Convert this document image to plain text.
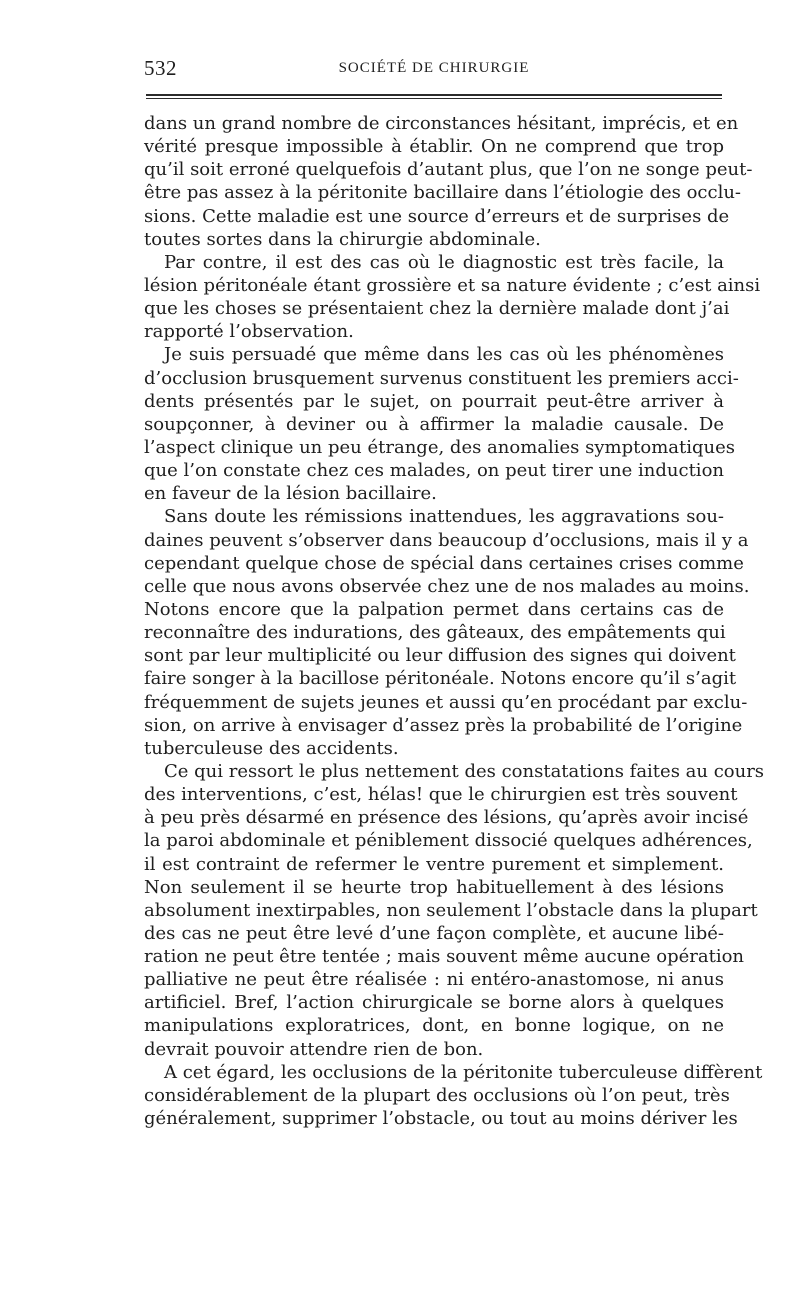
532	SOCIÉTÉ DE CHIRURGIE
dans un grand nombre de circonstances hésitant, imprécis, et en
vérité presque impossible à établir. On ne comprend que trop
qu’il soit erroné quelquefois d’autant plus, que l’on ne songe peut-
être pas assez à la péritonite bacillaire dans l’étiologie des occlu-
sions. Cette maladie est une source d’erreurs et de surprises de
toutes sortes dans la chirurgie abdominale.
Par contre, il est des cas où le diagnostic est très facile, la
lésion péritonéale étant grossière et sa nature évidente ; c’est ainsi
que les choses se présentaient chez la dernière malade dont j’ai
rapporté l’observation.
Je suis persuadé que même dans les cas où les phénomènes
d’occlusion brusquement survenus constituent les premiers acci-
dents présentés par le sujet, on pourrait peut-être arriver à
soupçonner, à deviner ou à affirmer la maladie causale. De
l’aspect clinique un peu étrange, des anomalies symptomatiques
que l’on constate chez ces malades, on peut tirer une induction
en faveur de la lésion bacillaire.
Sans doute les rémissions inattendues, les aggravations sou-
daines peuvent s’observer dans beaucoup d’occlusions, mais il y a
cependant quelque chose de spécial dans certaines crises comme
celle que nous avons observée chez une de nos malades au moins.
Notons encore que la palpation permet dans certains cas de
reconnaître des indurations, des gâteaux, des empâtements qui
sont par leur multiplicité ou leur diffusion des signes qui doivent
faire songer à la bacillose péritonéale. Notons encore qu’il s’agit
fréquemment de sujets jeunes et aussi qu’en procédant par exclu-
sion, on arrive à envisager d’assez près la probabilité de l’origine
tuberculeuse des accidents.
Ce qui ressort le plus nettement des constatations faites au cours
des interventions, c’est, hélas! que le chirurgien est très souvent
à peu près désarmé en présence des lésions, qu’après avoir incisé
la paroi abdominale et péniblement dissocié quelques adhérences,
il est contraint de refermer le ventre purement et simplement.
Non seulement il se heurte trop habituellement à des lésions
absolument inextirpables, non seulement l’obstacle dans la plupart
des cas ne peut être levé d’une façon complète, et aucune libé-
ration ne peut être tentée ; mais souvent même aucune opération
palliative ne peut être réalisée : ni entéro-anastomose, ni anus
artificiel. Bref, l’action chirurgicale se borne alors à quelques
manipulations exploratrices, dont, en bonne logique, on ne
devrait pouvoir attendre rien de bon.
A cet égard, les occlusions de la péritonite tuberculeuse diffèrent
considérablement de la plupart des occlusions où l’on peut, très
généralement, supprimer l’obstacle, ou tout au moins dériver les
